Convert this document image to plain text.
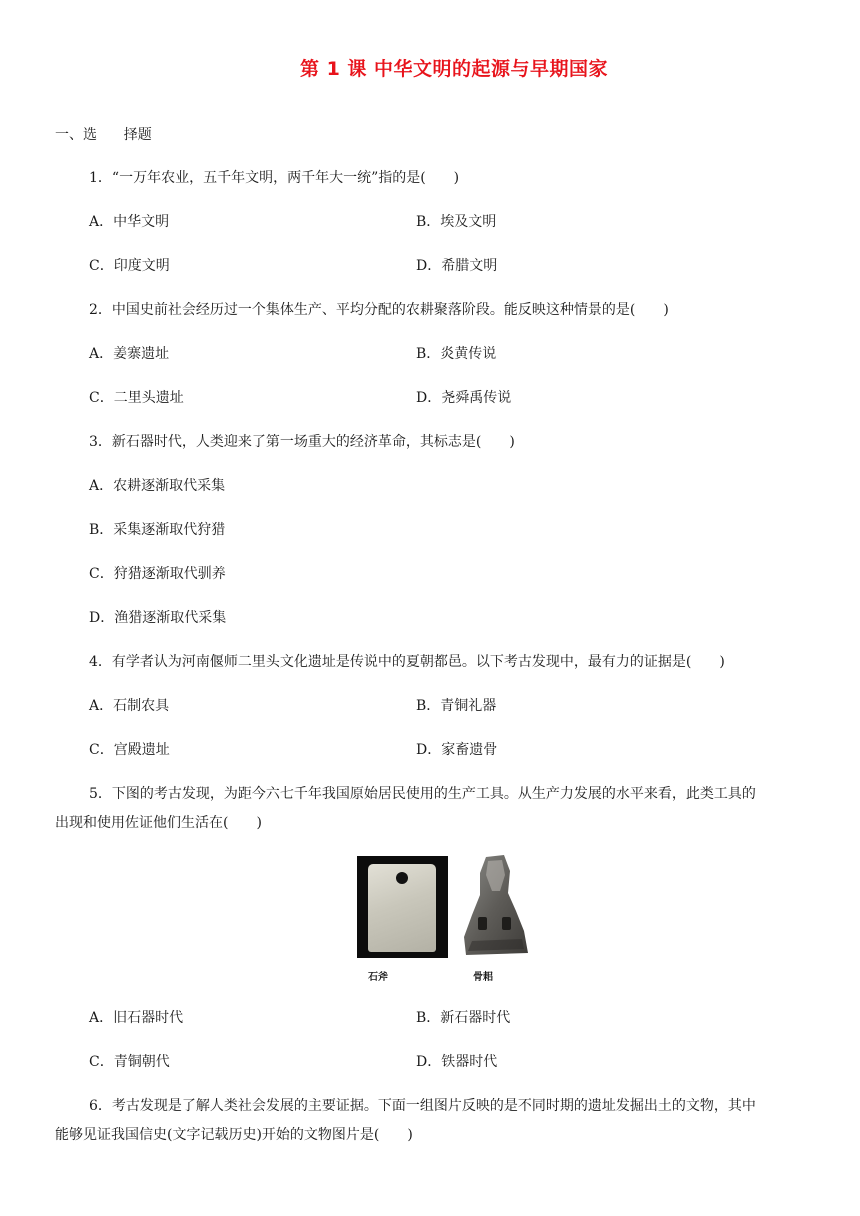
第 1 课 中华文明的起源与早期国家
一、选      择题
1．“一万年农业，五千年文明，两千年大一统”指的是(　　)
A．中华文明	B．埃及文明
C．印度文明	D．希腊文明
2．中国史前社会经历过一个集体生产、平均分配的农耕聚落阶段。能反映这种情景的是(　　)
A．姜寨遗址	B．炎黄传说
C．二里头遗址	D．尧舜禹传说
3．新石器时代，人类迎来了第一场重大的经济革命，其标志是(　　)
A．农耕逐渐取代采集
B．采集逐渐取代狩猎
C．狩猎逐渐取代驯养
D．渔猎逐渐取代采集
4．有学者认为河南偃师二里头文化遗址是传说中的夏朝都邑。以下考古发现中，最有力的证据是(　　)
A．石制农具	B．青铜礼器
C．宫殿遗址	D．家畜遗骨
5．下图的考古发现，为距今六七千年我国原始居民使用的生产工具。从生产力发展的水平来看，此类工具的
出现和使用佐证他们生活在(　　)
石斧	骨耜
A．旧石器时代	B．新石器时代
C．青铜朝代	D．铁器时代
6．考古发现是了解人类社会发展的主要证据。下面一组图片反映的是不同时期的遗址发掘出土的文物，其中
能够见证我国信史(文字记载历史)开始的文物图片是(　　)
